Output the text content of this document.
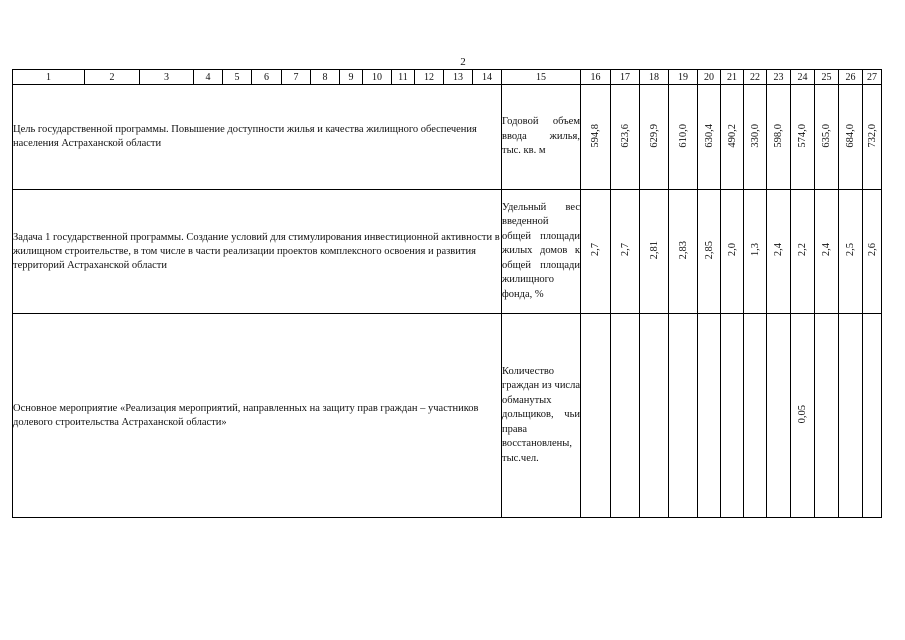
2
1	2	3	4	5	6	7	8	9	10	11	12	13	14	15	16	17	18	19	20	21	22	23	24	25	26	27
Цель государственной программы. Повышение доступности жилья и качества жилищного обеспечения населения Астраханской области														Годовой объем ввода жилья, тыс. кв. м	594,8	623,6	629,9	610,0	630,4	490,2	330,0	598,0	574,0	635,0	684,0	732,0
Задача 1 государственной программы. Создание условий для стимулирования инвестиционной активности в жилищном строительстве, в том числе в части реализации проектов комплексного освоения и развития территорий Астраханской области														Удельный вес введенной общей площади жилых домов к общей площади жилищного фонда, %	2,7	2,7	2,81	2,83	2,85	2,0	1,3	2,4	2,2	2,4	2,5	2,6
Основное мероприятие «Реализация мероприятий, направленных на защиту прав граждан – участников долевого строительства Астраханской области»														Количество граждан из числа обманутых дольщиков, чьи права восстановлены, тыс.чел.									0,05			
